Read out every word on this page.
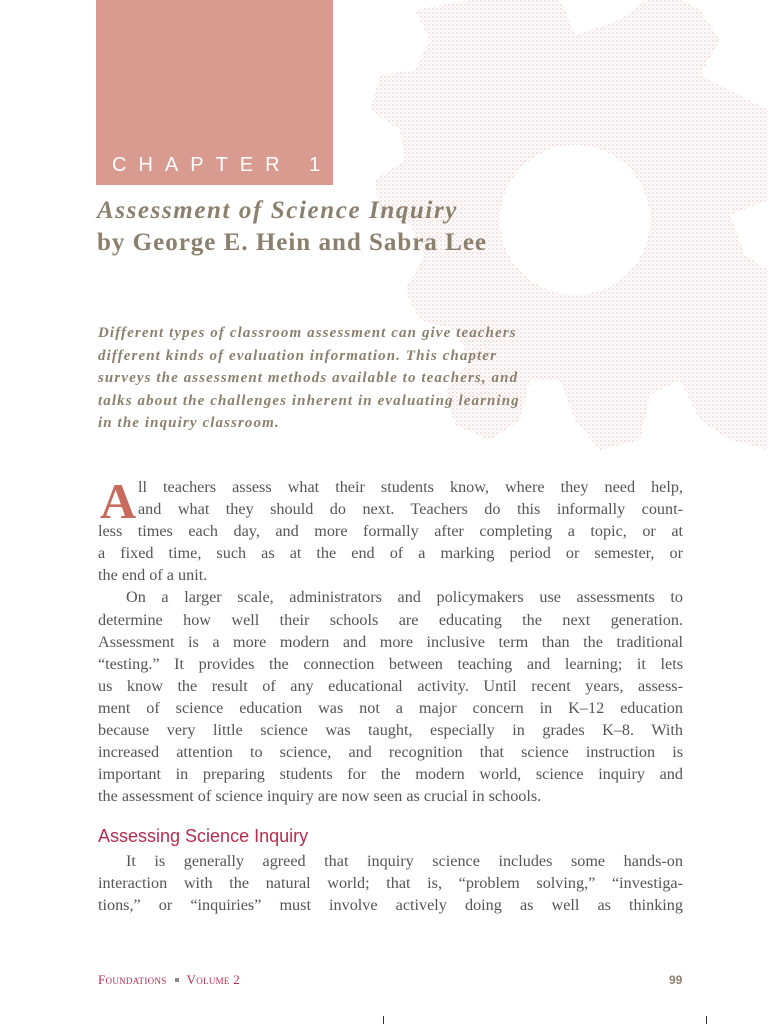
CHAPTER 12
Assessment of Science Inquiry
by George E. Hein and Sabra Lee
Different types of classroom assessment can give teachers
different kinds of evaluation information. This chapter
surveys the assessment methods available to teachers, and
talks about the challenges inherent in evaluating learning
in the inquiry classroom.
A ll teachers assess what their students know, where they need help,
and what they should do next. Teachers do this informally count-
less times each day, and more formally after completing a topic, or at
a fixed time, such as at the end of a marking period or semester, or
the end of a unit.
On a larger scale, administrators and policymakers use assessments to
determine how well their schools are educating the next generation.
Assessment is a more modern and more inclusive term than the traditional
“testing.” It provides the connection between teaching and learning; it lets
us know the result of any educational activity. Until recent years, assess-
ment of science education was not a major concern in K–12 education
because very little science was taught, especially in grades K–8. With
increased attention to science, and recognition that science instruction is
important in preparing students for the modern world, science inquiry and
the assessment of science inquiry are now seen as crucial in schools.
Assessing Science Inquiry
It is generally agreed that inquiry science includes some hands-on
interaction with the natural world; that is, “problem solving,” “investiga-
tions,” or “inquiries” must involve actively doing as well as thinking
Foundations Volume 2	99
